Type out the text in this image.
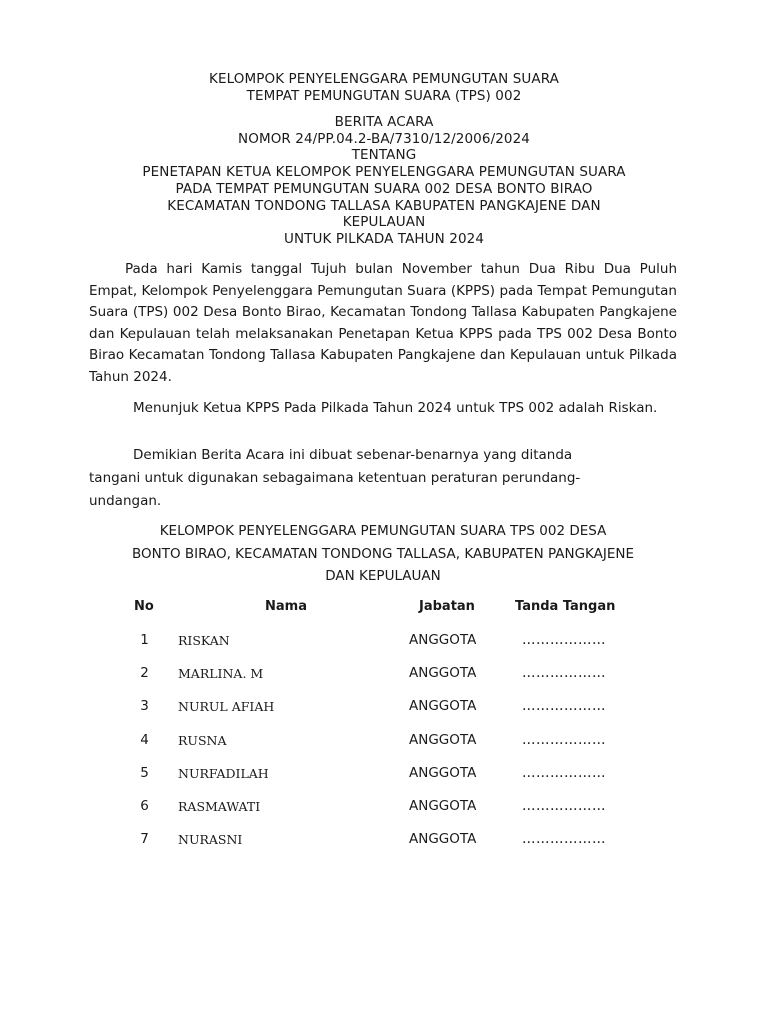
KELOMPOK PENYELENGGARA PEMUNGUTAN SUARA
TEMPAT PEMUNGUTAN SUARA (TPS) 002
BERITA ACARA
NOMOR 24/PP.04.2-BA/7310/12/2006/2024
TENTANG
PENETAPAN KETUA KELOMPOK PENYELENGGARA PEMUNGUTAN SUARA
PADA TEMPAT PEMUNGUTAN SUARA 002 DESA BONTO BIRAO
KECAMATAN TONDONG TALLASA KABUPATEN PANGKAJENE DAN
KEPULAUAN
UNTUK PILKADA TAHUN 2024
Pada hari Kamis tanggal Tujuh bulan November tahun Dua Ribu Dua Puluh Empat, Kelompok Penyelenggara Pemungutan Suara (KPPS) pada Tempat Pemungutan Suara (TPS) 002 Desa Bonto Birao, Kecamatan Tondong Tallasa Kabupaten Pangkajene dan Kepulauan telah melaksanakan Penetapan Ketua KPPS pada TPS 002 Desa Bonto Birao Kecamatan Tondong Tallasa Kabupaten Pangkajene dan Kepulauan untuk Pilkada Tahun 2024.
Menunjuk Ketua KPPS Pada Pilkada Tahun 2024 untuk TPS 002 adalah Riskan.
Demikian Berita Acara ini dibuat sebenar-benarnya yang ditanda
tangani untuk digunakan sebagaimana ketentuan peraturan perundang-
undangan.
KELOMPOK PENYELENGGARA PEMUNGUTAN SUARA TPS 002 DESA
BONTO BIRAO, KECAMATAN TONDONG TALLASA, KABUPATEN PANGKAJENE
DAN KEPULAUAN
No	Nama	Jabatan	Tanda Tangan
1 RISKAN	ANGGOTA	………………
2 MARLINA. M	ANGGOTA	………………
3 NURUL AFIAH	ANGGOTA	………………
4 RUSNA	ANGGOTA	………………
5 NURFADILAH	ANGGOTA	………………
6 RASMAWATI	ANGGOTA	………………
7 NURASNI	ANGGOTA	………………
